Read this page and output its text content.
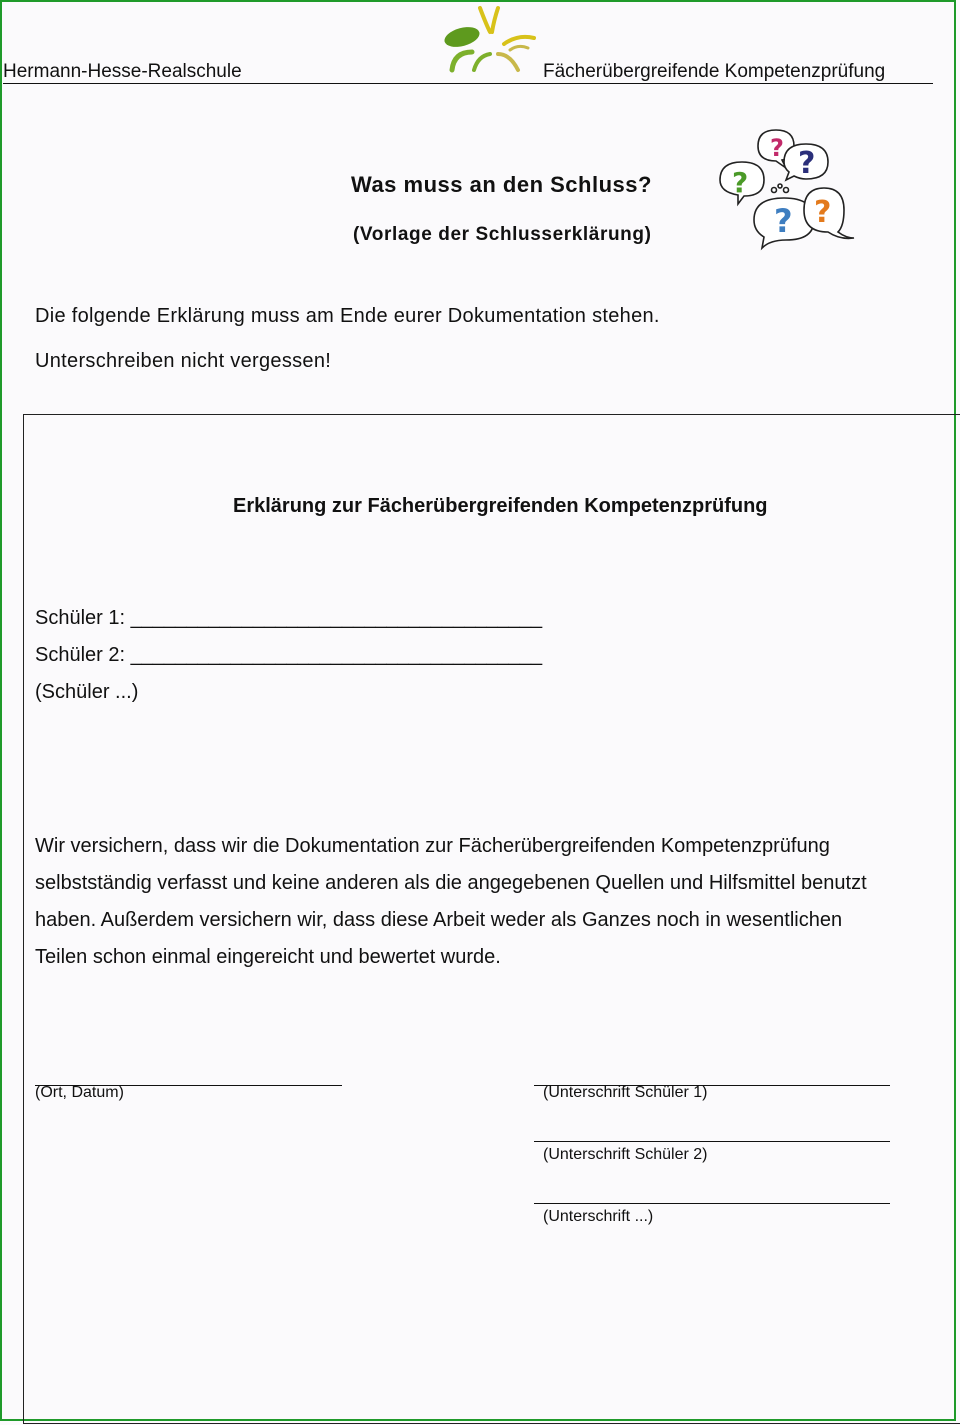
Hermann-Hesse-Realschule	Fächerübergreifende Kompetenzprüfung
Was muss an den Schluss?
(Vorlage der Schlusserklärung)
? ?
?
? ?
Die folgende Erklärung muss am Ende eurer Dokumentation stehen.
Unterschreiben nicht vergessen!
Erklärung zur Fächerübergreifenden Kompetenzprüfung
Schüler 1: _____________________________________
Schüler 2: _____________________________________
(Schüler ...)
Wir versichern, dass wir die Dokumentation zur Fächerübergreifenden Kompetenzprüfung
selbstständig verfasst und keine anderen als die angegebenen Quellen und Hilfsmittel benutzt
haben. Außerdem versichern wir, dass diese Arbeit weder als Ganzes noch in wesentlichen
Teilen schon einmal eingereicht und bewertet wurde.
(Ort, Datum)	(Unterschrift Schüler 1)
(Unterschrift Schüler 2)
(Unterschrift ...)
